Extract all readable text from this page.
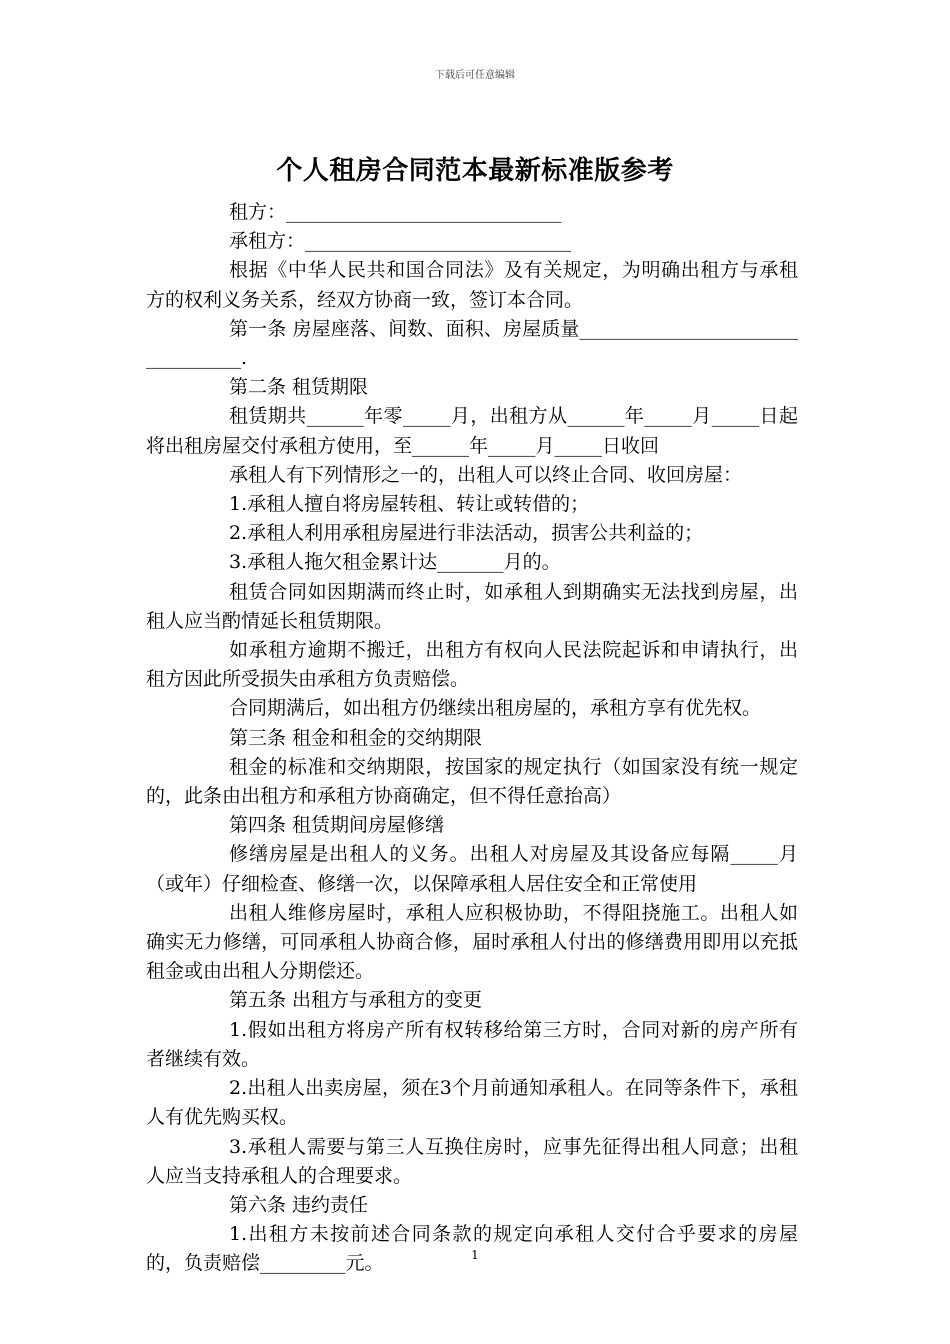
下载后可任意编辑
个人租房合同范本最新标准版参考

租方：_____________________________

承租方：____________________________

根据《中华人民共和国合同法》及有关规定，为明确出租方与承租方的权利义务关系，经双方协商一致，签订本合同。

第一条 房屋座落、间数、面积、房屋质量_________________________________.

第二条 租赁期限

租赁期共______年零_____月，出租方从______年_____月_____日起将出租房屋交付承租方使用，至______年_____月_____日收回

承租人有下列情形之一的，出租人可以终止合同、收回房屋：

1.承租人擅自将房屋转租、转让或转借的；

2.承租人利用承租房屋进行非法活动，损害公共利益的；

3.承租人拖欠租金累计达_______月的。

租赁合同如因期满而终止时，如承租人到期确实无法找到房屋，出租人应当酌情延长租赁期限。

如承租方逾期不搬迁，出租方有权向人民法院起诉和申请执行，出租方因此所受损失由承租方负责赔偿。

合同期满后，如出租方仍继续出租房屋的，承租方享有优先权。

第三条 租金和租金的交纳期限

租金的标准和交纳期限，按国家的规定执行（如国家没有统一规定的，此条由出租方和承租方协商确定，但不得任意抬高）

第四条 租赁期间房屋修缮

修缮房屋是出租人的义务。出租人对房屋及其设备应每隔_____月（或年）仔细检查、修缮一次，以保障承租人居住安全和正常使用

出租人维修房屋时，承租人应积极协助，不得阻挠施工。出租人如确实无力修缮，可同承租人协商合修，届时承租人付出的修缮费用即用以充抵租金或由出租人分期偿还。

第五条 出租方与承租方的变更

1.假如出租方将房产所有权转移给第三方时，合同对新的房产所有者继续有效。

2.出租人出卖房屋，须在3个月前通知承租人。在同等条件下，承租人有优先购买权。

3.承租人需要与第三人互换住房时，应事先征得出租人同意；出租人应当支持承租人的合理要求。

第六条 违约责任

1.出租方未按前述合同条款的规定向承租人交付合乎要求的房屋的，负责赔偿_________元。	1
